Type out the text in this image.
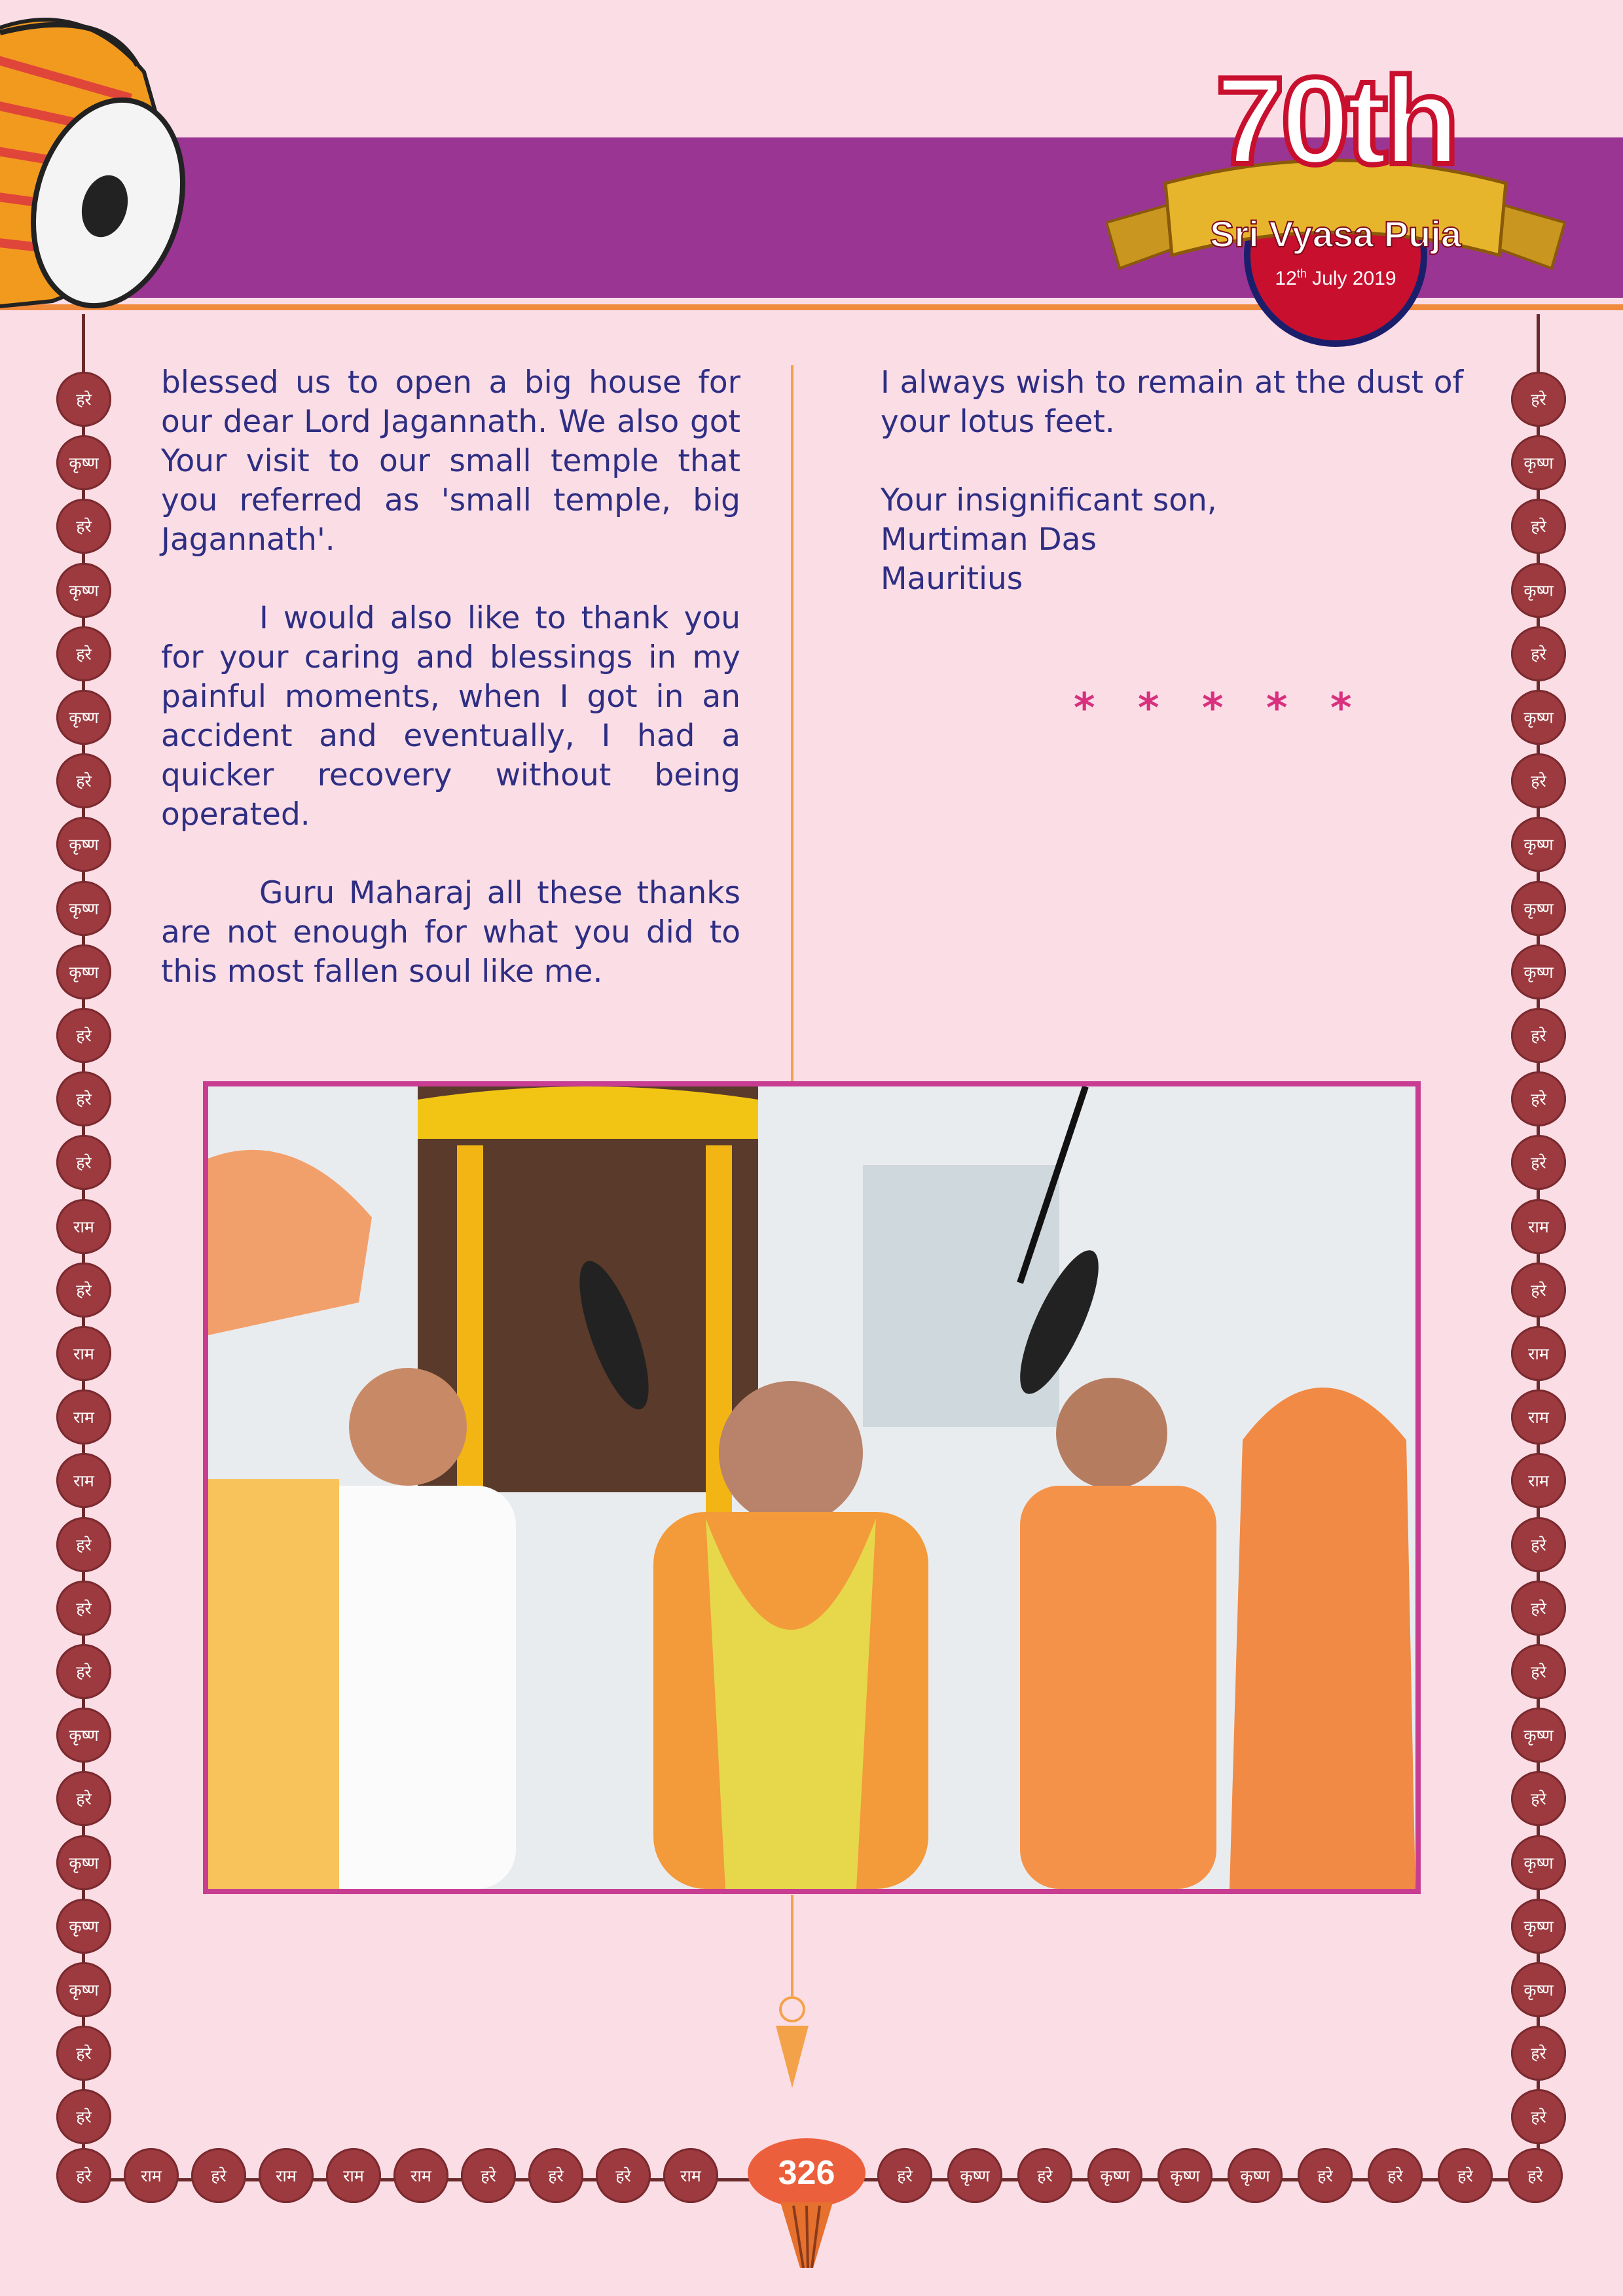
70th
Sri Vyasa Puja
12th July 2019

blessed us to open a big house for our dear Lord Jagannath. We also got Your visit to our small temple that you referred as 'small temple, big Jagannath'.

I would also like to thank you for your caring and blessings in my painful moments, when I got in an accident and eventually, I had a quicker recovery without being operated.

Guru Maharaj all these thanks are not enough for what you did to this most fallen soul like me.

I always wish to remain at the dust of your lotus feet.

Your insignificant son,
Murtiman Das
Mauritius
* * * * *
हरे
कृष्ण
हरे
कृष्ण
हरे
कृष्ण
हरे
कृष्ण
कृष्ण
कृष्ण
हरे
हरे
हरे
राम
हरे
राम
राम
राम
हरे
हरे
हरे
कृष्ण
हरे
कृष्ण
कृष्ण
कृष्ण
हरे
हरे
हरे
कृष्ण
हरे
कृष्ण
हरे
कृष्ण
हरे
कृष्ण
कृष्ण
कृष्ण
हरे
हरे
हरे
राम
हरे
राम
राम
राम
हरे
हरे
हरे
कृष्ण
हरे
कृष्ण
कृष्ण
कृष्ण
हरे
हरे
हरे	राम	हरे	राम	राम	राम	हरे	हरे	हरे	राम	हरे	कृष्ण	हरे	कृष्ण	कृष्ण	कृष्ण	हरे	हरे	हरे	हरे
326
